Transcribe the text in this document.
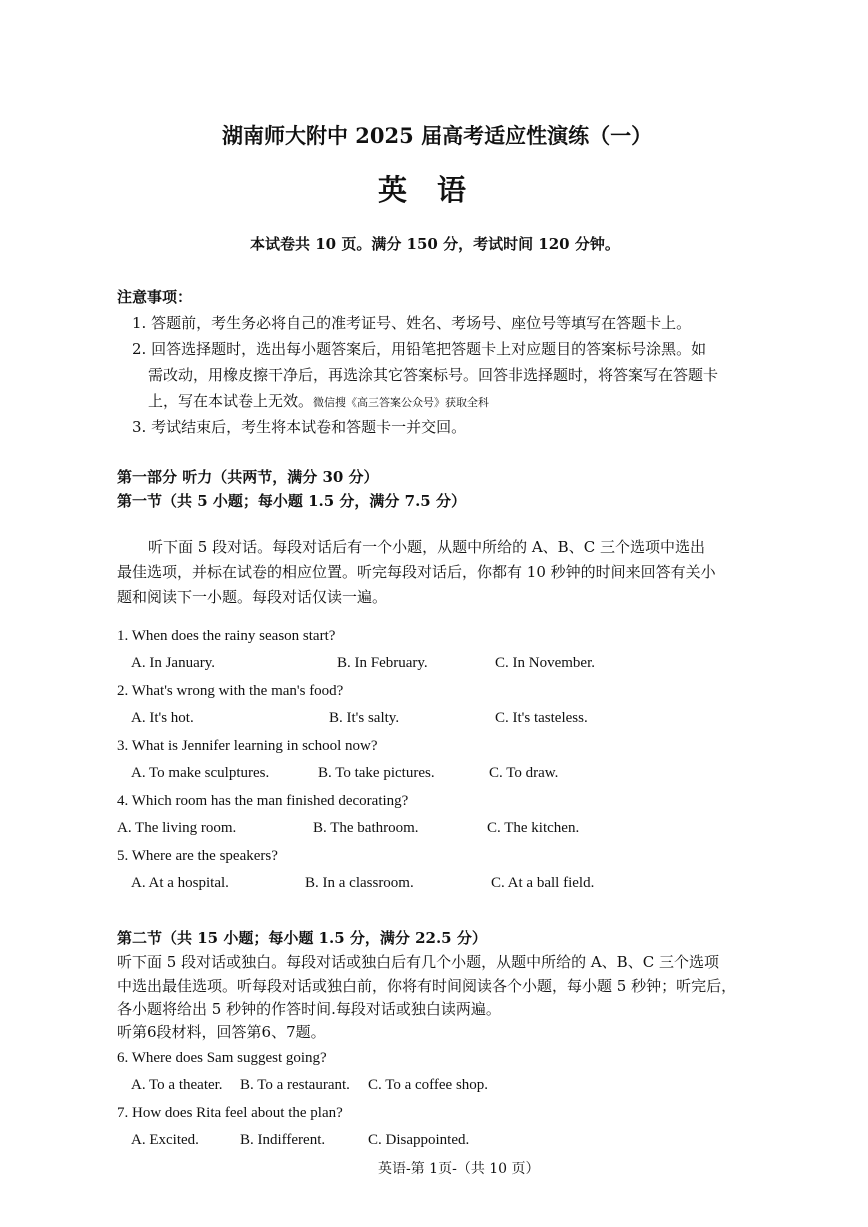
湖南师大附中 2025 届高考适应性演练（一）
英 语
本试卷共 10 页。满分 150 分，考试时间 120 分钟。
注意事项：
1. 答题前，考生务必将自己的准考证号、姓名、考场号、座位号等填写在答题卡上。
2. 回答选择题时，选出每小题答案后，用铅笔把答题卡上对应题目的答案标号涂黑。如
需改动，用橡皮擦干净后，再选涂其它答案标号。回答非选择题时，将答案写在答题卡
上，写在本试卷上无效。微信搜《高三答案公众号》获取全科
3. 考试结束后，考生将本试卷和答题卡一并交回。
第一部分 听力（共两节，满分 30 分）
第一节（共 5 小题；每小题 1.5 分，满分 7.5 分）
听下面 5 段对话。每段对话后有一个小题，从题中所给的 A、B、C 三个选项中选出
最佳选项，并标在试卷的相应位置。听完每段对话后，你都有 10 秒钟的时间来回答有关小
题和阅读下一小题。每段对话仅读一遍。
1. When does the rainy season start?
A. In January.	B. In February.	C. In November.
2. What's wrong with the man's food?
A. It's hot.	B. It's salty.	C. It's tasteless.
3. What is Jennifer learning in school now?
A. To make sculptures.	B. To take pictures.	C. To draw.
4. Which room has the man finished decorating?
A. The living room.	B. The bathroom.	C. The kitchen.
5. Where are the speakers?
A. At a hospital.	B. In a classroom.	C. At a ball field.
第二节（共 15 小题；每小题 1.5 分，满分 22.5 分）
听下面 5 段对话或独白。每段对话或独白后有几个小题，从题中所给的 A、B、C 三个选项
中选出最佳选项。听每段对话或独白前，你将有时间阅读各个小题，每小题 5 秒钟；听完后，
各小题将给出 5 秒钟的作答时间.每段对话或独白读两遍。
听第6段材料，回答第6、7题。
6. Where does Sam suggest going?
A. To a theater. B. To a restaurant. C. To a coffee shop.
7. How does Rita feel about the plan?
A. Excited.	B. Indifferent.	C. Disappointed.
英语-第 1页-（共 10 页）
